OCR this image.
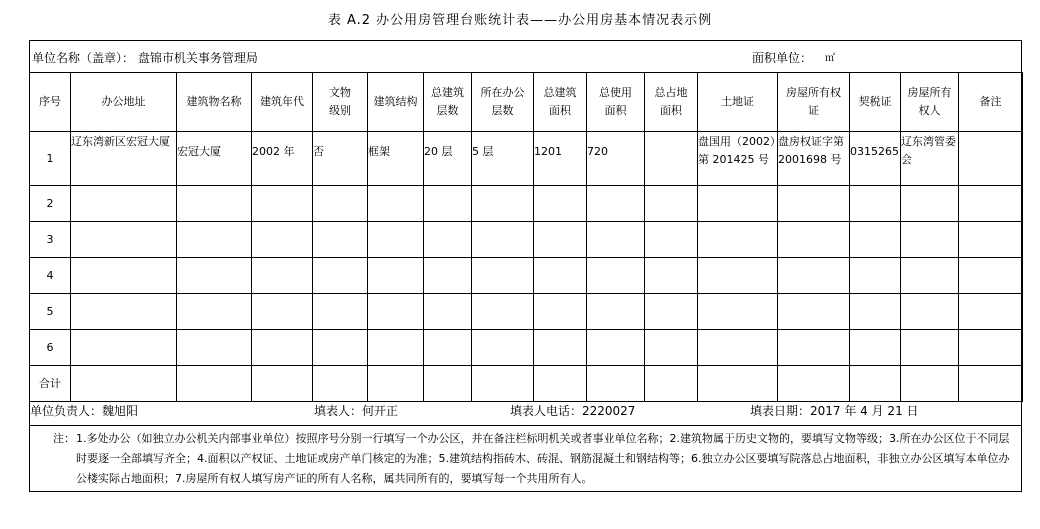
表 A.2 办公用房管理台账统计表——办公用房基本情况表示例
单位名称（盖章）： 盘锦市机关事务管理局	面积单位： ㎡
序号	办公地址	建筑物名称	建筑年代	文物级别	建筑结构	总建筑层数	所在办公层数	总建筑面积	总使用面积	总占地面积	土地证	房屋所有权证	契税证	房屋所有权人	备注
1	辽东湾新区宏冠大厦	宏冠大厦	2002 年	否	框架	20 层	5 层	1201	720		盘国用（2002）第 201425 号	盘房权证字第 2001698 号	0315265	辽东湾管委会	
2															
3															
4															
5															
6															
合计															
单位负责人：魏旭阳	填表人：何开正	填表人电话：2220027	填表日期：2017 年 4 月 21 日
注： 1.多处办公（如独立办公机关内部事业单位）按照序号分别一行填写一个办公区，并在备注栏标明机关或者事业单位名称；2.建筑物属于历史文物的，要填写文物等级；3.所在办公区位于不同层时要逐一全部填写齐全；4.面积以产权证、土地证或房产单门核定的为准；5.建筑结构指砖木、砖混、钢筋混凝土和钢结构等；6.独立办公区要填写院落总占地面积，非独立办公区填写本单位办公楼实际占地面积；7.房屋所有权人填写房产证的所有人名称，属共同所有的，要填写每一个共用所有人。
